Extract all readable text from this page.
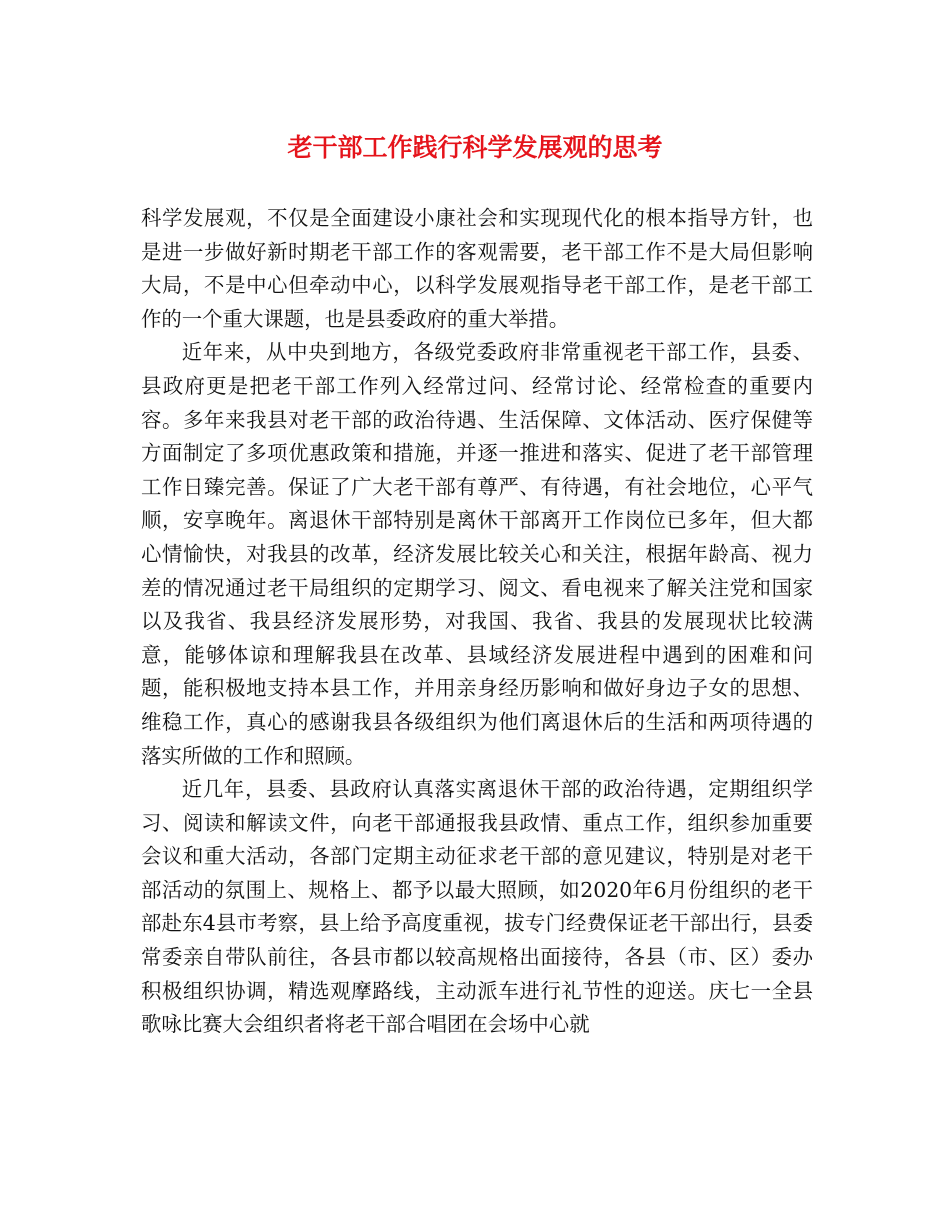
老干部工作践行科学发展观的思考

科学发展观，不仅是全面建设小康社会和实现现代化的根本指导方针，也是进一步做好新时期老干部工作的客观需要，老干部工作不是大局但影响大局，不是中心但牵动中心，以科学发展观指导老干部工作，是老干部工作的一个重大课题，也是县委政府的重大举措。

近年来，从中央到地方，各级党委政府非常重视老干部工作，县委、县政府更是把老干部工作列入经常过问、经常讨论、经常检查的重要内容。多年来我县对老干部的政治待遇、生活保障、文体活动、医疗保健等方面制定了多项优惠政策和措施，并逐一推进和落实、促进了老干部管理工作日臻完善。保证了广大老干部有尊严、有待遇，有社会地位，心平气顺，安享晚年。离退休干部特别是离休干部离开工作岗位已多年，但大都心情愉快，对我县的改革，经济发展比较关心和关注，根据年龄高、视力差的情况通过老干局组织的定期学习、阅文、看电视来了解关注党和国家以及我省、我县经济发展形势，对我国、我省、我县的发展现状比较满意，能够体谅和理解我县在改革、县域经济发展进程中遇到的困难和问题，能积极地支持本县工作，并用亲身经历影响和做好身边子女的思想、维稳工作，真心的感谢我县各级组织为他们离退休后的生活和两项待遇的落实所做的工作和照顾。

近几年，县委、县政府认真落实离退休干部的政治待遇，定期组织学习、阅读和解读文件，向老干部通报我县政情、重点工作，组织参加重要会议和重大活动，各部门定期主动征求老干部的意见建议，特别是对老干部活动的氛围上、规格上、都予以最大照顾，如2020年6月份组织的老干部赴东4县市考察，县上给予高度重视，拔专门经费保证老干部出行，县委常委亲自带队前往，各县市都以较高规格出面接待，各县（市、区）委办积极组织协调，精选观摩路线，主动派车进行礼节性的迎送。庆七一全县歌咏比赛大会组织者将老干部合唱团在会场中心就
